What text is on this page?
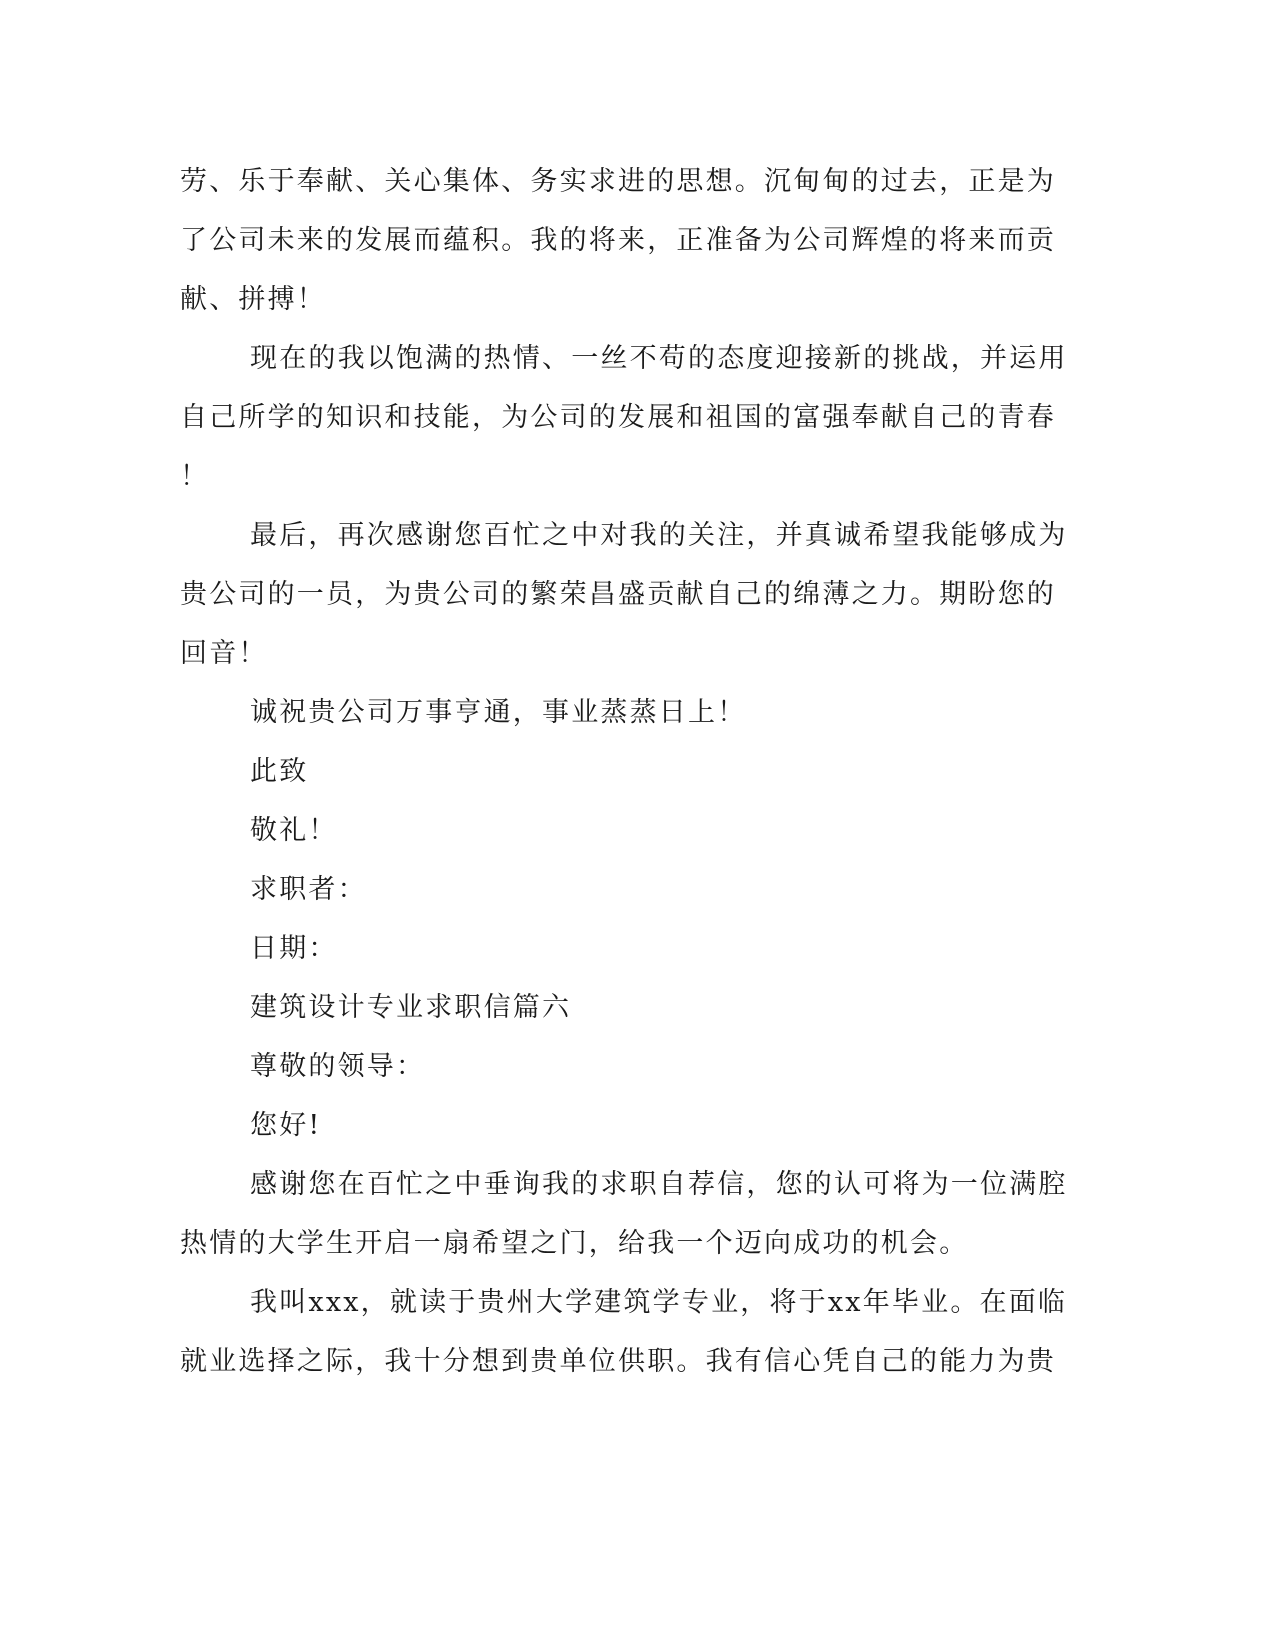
劳、乐于奉献、关心集体、务实求进的思想。沉甸甸的过去，正是为
了公司未来的发展而蕴积。我的将来，正准备为公司辉煌的将来而贡
献、拼搏！
现在的我以饱满的热情、一丝不苟的态度迎接新的挑战，并运用
自己所学的知识和技能，为公司的发展和祖国的富强奉献自己的青春
！
最后，再次感谢您百忙之中对我的关注，并真诚希望我能够成为
贵公司的一员，为贵公司的繁荣昌盛贡献自己的绵薄之力。期盼您的
回音！
诚祝贵公司万事亨通，事业蒸蒸日上！
此致
敬礼！
求职者：
日期：
建筑设计专业求职信篇六
尊敬的领导：
您好!
感谢您在百忙之中垂询我的求职自荐信，您的认可将为一位满腔
热情的大学生开启一扇希望之门，给我一个迈向成功的机会。
我叫xxx，就读于贵州大学建筑学专业，将于xx年毕业。在面临
就业选择之际，我十分想到贵单位供职。我有信心凭自己的能力为贵
